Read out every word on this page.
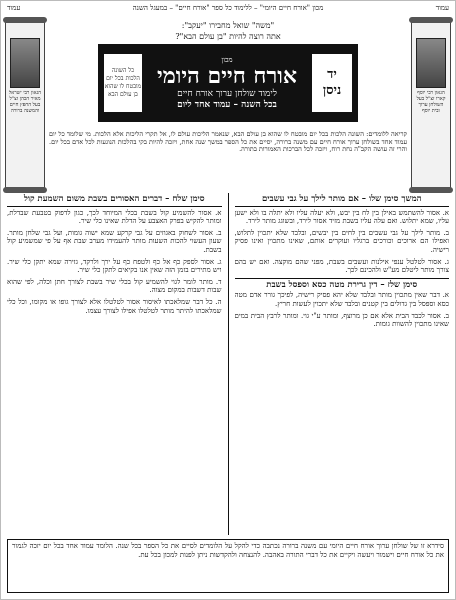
עמוד
מכון "אורח חיים היומי" – ללימוד כל ספר "אורח חיים" – במעגל השנה
עמוד
הגאון רבי יוסף קארו זצ"ל בעל השולחן ערוך ובית יוסף
הגאון רבי ישראל מאיר הכהן זצ"ל בעל החפץ חיים והמשנה ברורה
"משה" שואל מחבירו "יעקב":
אתה רוצה להיות "בן עולם הבא"?
יד
ניסן
מכון
אורח חיים היומי
לימוד שולחן ערוך אורח חיים
בכל השנה – עמוד אחד ליום
כל השונה הלכות בכל יום מובטח לו שהוא בן עולם הבא
קריאה ללומדים: השונה הלכות בכל יום מובטח לו שהוא בן עולם הבא, שנאמר הליכות עולם לו, אל תקרי הליכות אלא הלכות. מי שלומד כל יום עמוד אחד בשולחן ערוך אורח חיים עם משנה ברורה, יסיים את כל הספר במשך שנה אחת, ויזכה להיות בקי בהלכות הנוגעות לכל אדם בכל יום. והרי זה עושה הקב"ה נחת רוח, ויזכה לכל הברכות האמורות בתורה.
המשך סימן שלו – אם מותר לילך על גבי עשבים

א. אסור להשתמש באילן בין לח בין יבש, ולא יעלה עליו ולא יתלה בו ולא ישען עליו, שמא יתלוש. ואם עלה עליו בשבת מזיד אסור לירד, ובשוגג מותר לירד.

ב. מותר לילך על גבי עשבים בין לחים בין יבשים, ובלבד שלא יתכוין לתלוש, ואפילו הם ארוכים וכורכים ברגליו ועוקרים אותם, שאינו מתכוין ואינו פסיק רישיה.

ג. אסור לטלטל ענפי אילנות ועשבים בשבת, מפני שהם מוקצה. ואם יש בהם צורך מותר ליטלם מע"ש ולהכינם לכך.

סימן שלז – דין גרירת מטה כסא וספסל בשבת

א. דבר שאין מתכוין מותר ובלבד שלא יהא פסיק רישיה, לפיכך גורר אדם מטה כסא וספסל בין גדולים בין קטנים ובלבד שלא יתכוין לעשות חריץ.

ב. אסור לכבד הבית אלא אם כן מרוצף, ומותר ע"י גוי. ומותר לרבץ הבית במים שאינו מתכוין להשוות גומות.

סימן שלח – דברים האסורים בשבת משום השמעת קול

א. אסור להשמיע קול בשבת בכלי המיוחד לכך, כגון לדפוק בטבעת שבדלת, ומותר להקיש בפרק האצבע על הדלת שאינו כלי שיר.

ב. אסור לשחוק באגוזים על גבי קרקע שמא ישוה גומות, ועל גבי שלחן מותר. שעון העשוי להכות השעות מותר להעמידו מערב שבת אף על פי שמשמיע קול בשבת.

ג. אסור לספק כף אל כף ולטפח כף על ירך ולרקד, גזירה שמא יתקן כלי שיר. ויש מתירים בזמן הזה שאין אנו בקיאים לתקן כלי שיר.

ד. מותר לומר לגוי להשמיע קול בכלי שיר בשבת לצורך חתן וכלה, לפי שהוא שבות דשבות במקום מצוה.

ה. כל דבר שמלאכתו לאיסור אסור לטלטלו אלא לצורך גופו או מקומו, וכל כלי שמלאכתו להיתר מותר לטלטלו אפילו לצורך עצמו.

סידרא זו של שולחן ערוך אורח חיים היומי עם משנה ברורה נכתבה כדי להקל על הלומדים לסיים את כל הספר בכל שנה. הלומד עמוד אחד בכל יום יזכה לגמור את כל אורח חיים וישמור ויעשה ויקיים את כל דברי התורה באהבה. להנצחה ולהקדשות ניתן לפנות למכון בכל עת.
